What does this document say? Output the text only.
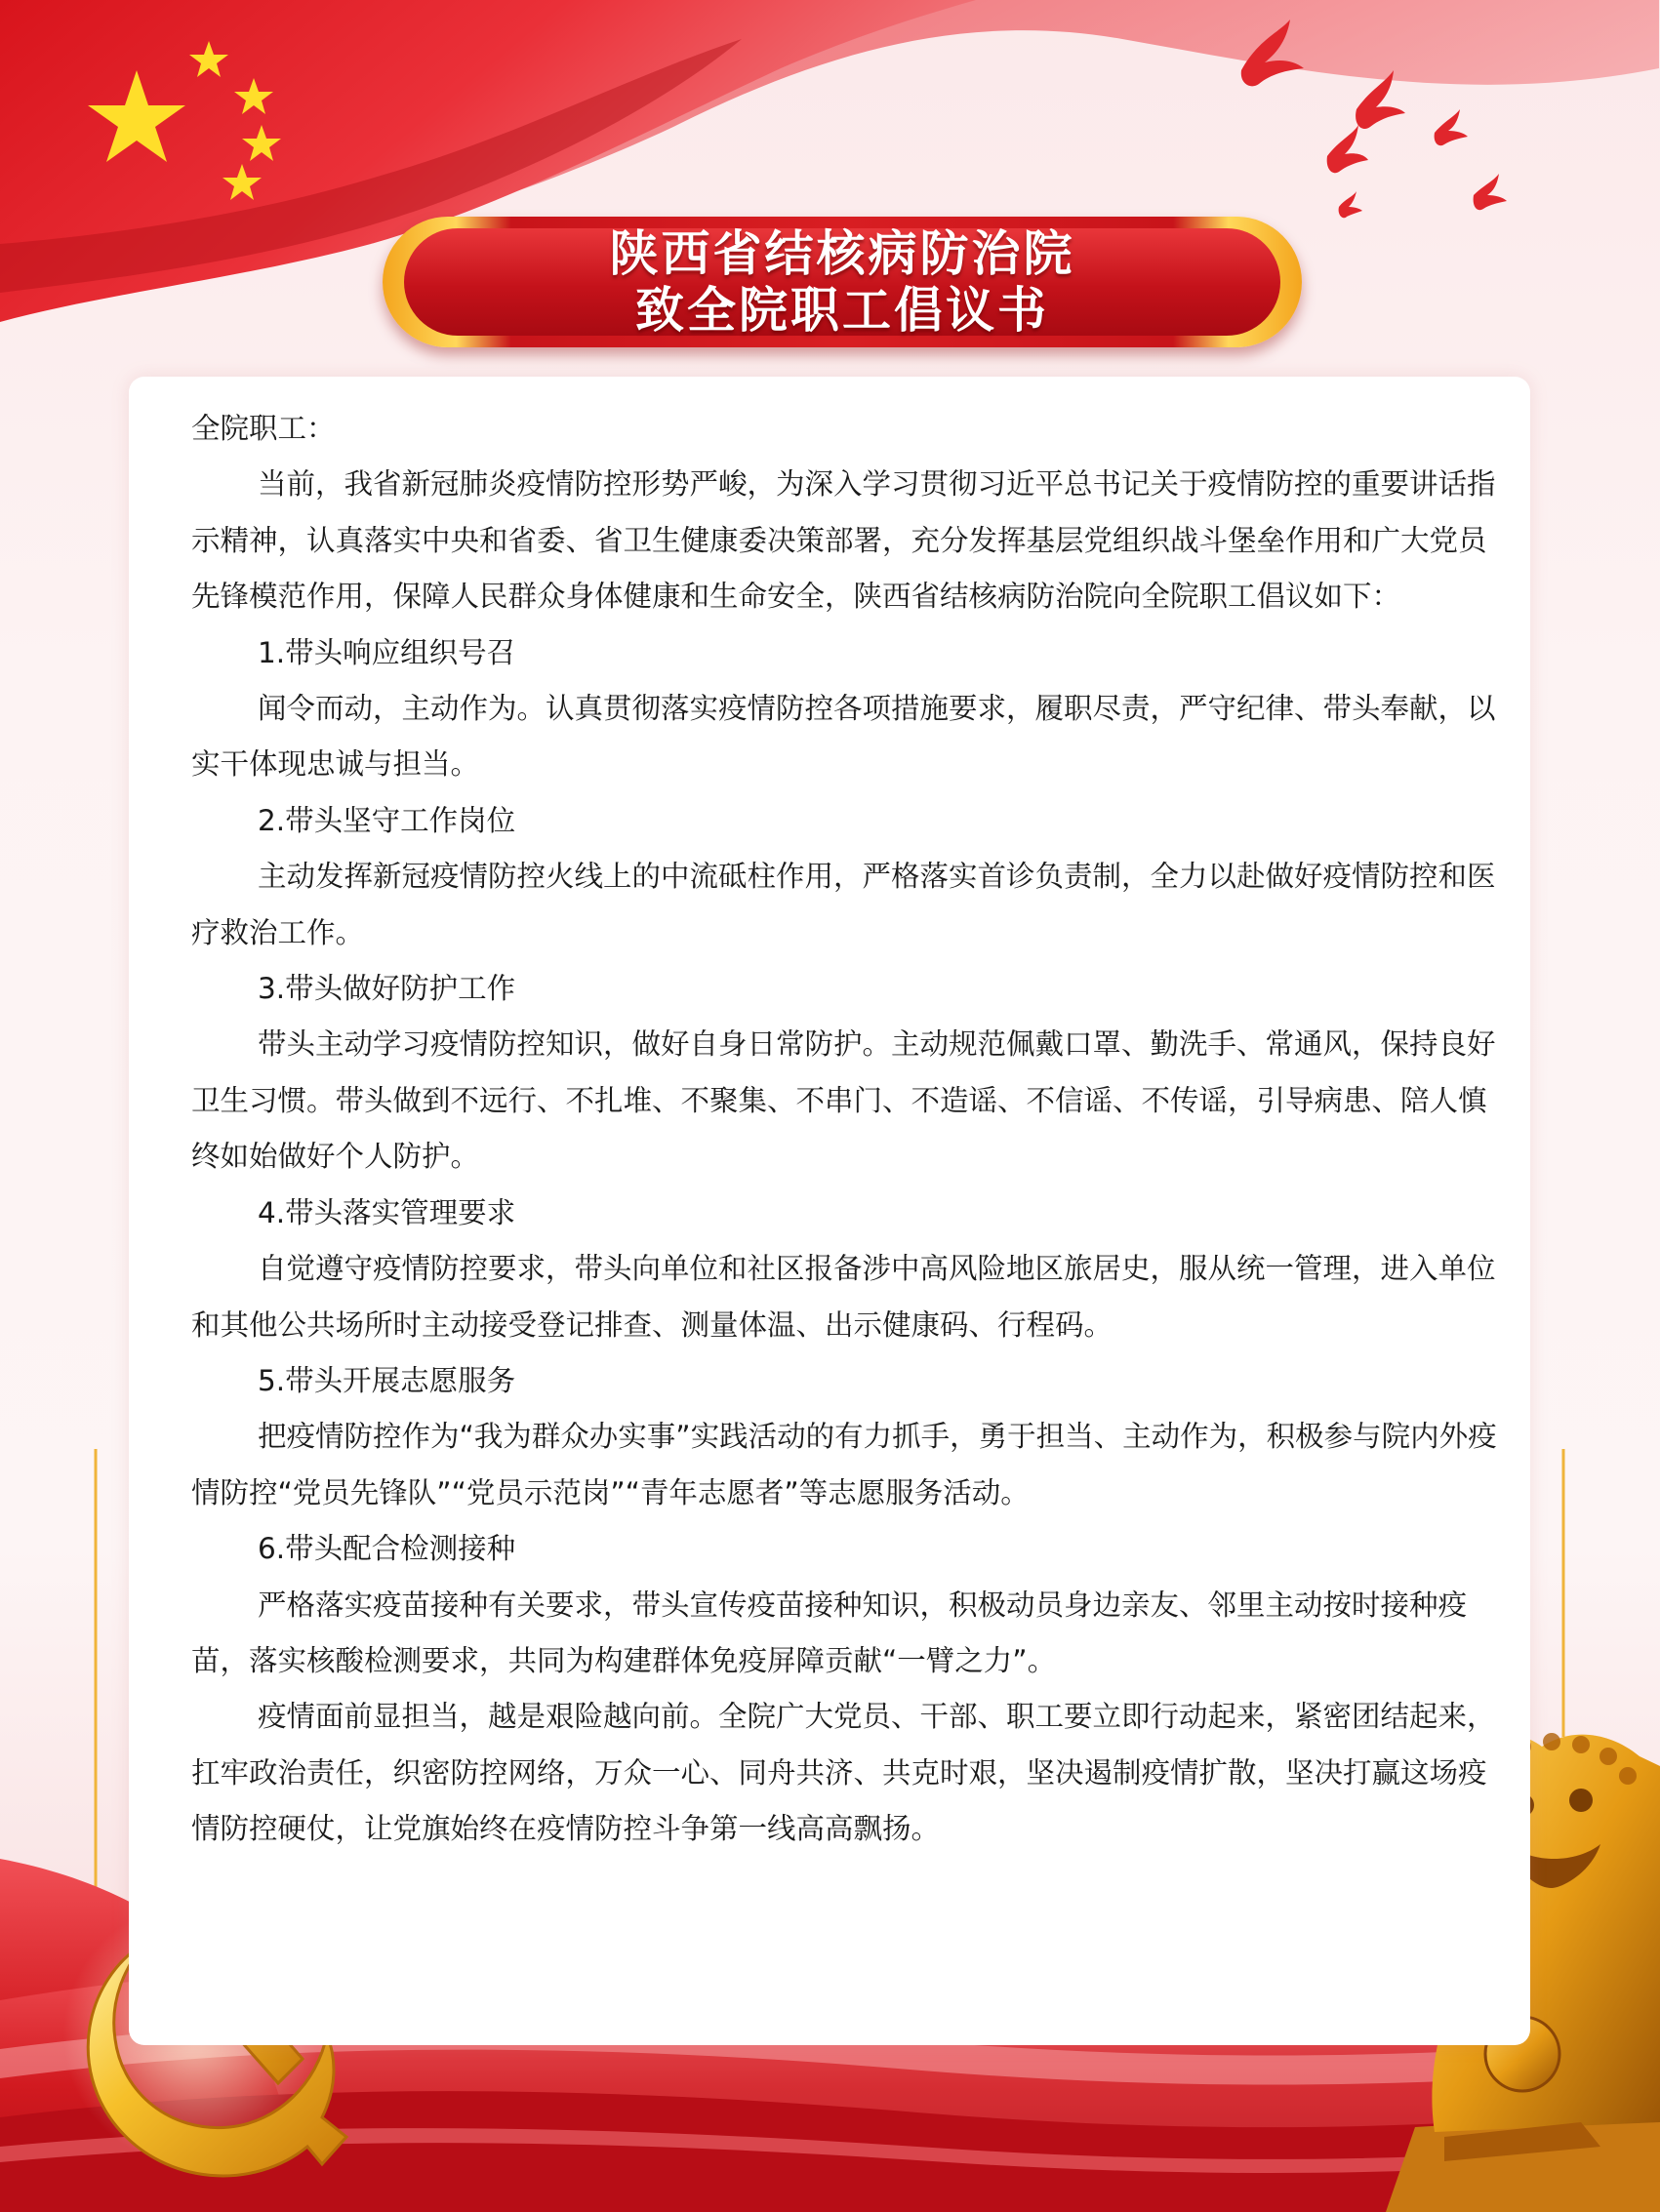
陕西省结核病防治院
致全院职工倡议书

全院职工：

当前，我省新冠肺炎疫情防控形势严峻，为深入学习贯彻习近平总书记关于疫情防控的重要讲话指示精神，认真落实中央和省委、省卫生健康委决策部署，充分发挥基层党组织战斗堡垒作用和广大党员先锋模范作用，保障人民群众身体健康和生命安全，陕西省结核病防治院向全院职工倡议如下：

1.带头响应组织号召

闻令而动，主动作为。认真贯彻落实疫情防控各项措施要求，履职尽责，严守纪律、带头奉献，以实干体现忠诚与担当。

2.带头坚守工作岗位

主动发挥新冠疫情防控火线上的中流砥柱作用，严格落实首诊负责制，全力以赴做好疫情防控和医疗救治工作。

3.带头做好防护工作

带头主动学习疫情防控知识，做好自身日常防护。主动规范佩戴口罩、勤洗手、常通风，保持良好卫生习惯。带头做到不远行、不扎堆、不聚集、不串门、不造谣、不信谣、不传谣，引导病患、陪人慎终如始做好个人防护。

4.带头落实管理要求

自觉遵守疫情防控要求，带头向单位和社区报备涉中高风险地区旅居史，服从统一管理，进入单位和其他公共场所时主动接受登记排查、测量体温、出示健康码、行程码。

5.带头开展志愿服务

把疫情防控作为“我为群众办实事”实践活动的有力抓手，勇于担当、主动作为，积极参与院内外疫情防控“党员先锋队”“党员示范岗”“青年志愿者”等志愿服务活动。

6.带头配合检测接种

严格落实疫苗接种有关要求，带头宣传疫苗接种知识，积极动员身边亲友、邻里主动按时接种疫苗，落实核酸检测要求，共同为构建群体免疫屏障贡献“一臂之力”。

疫情面前显担当，越是艰险越向前。全院广大党员、干部、职工要立即行动起来，紧密团结起来，扛牢政治责任，织密防控网络，万众一心、同舟共济、共克时艰，坚决遏制疫情扩散，坚决打赢这场疫情防控硬仗，让党旗始终在疫情防控斗争第一线高高飘扬。
